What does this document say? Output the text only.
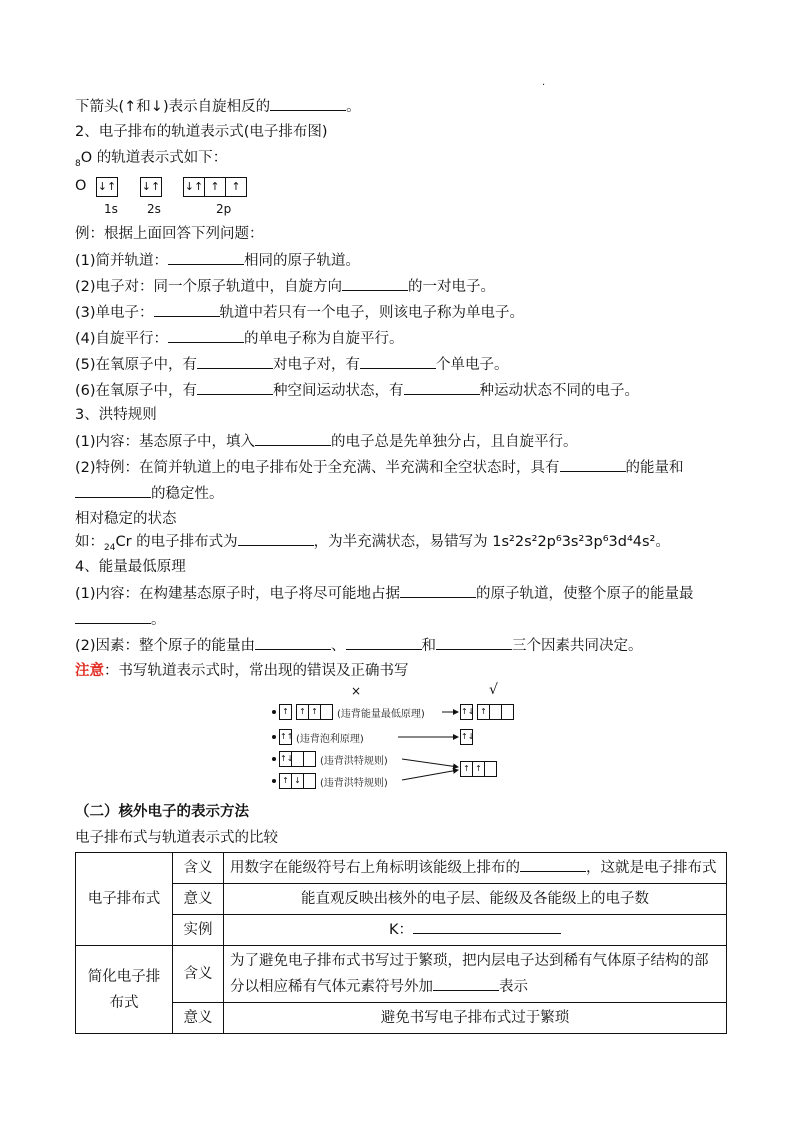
·
下箭头(↑和↓)表示自旋相反的	。
2、电子排布的轨道表示式(电子排布图)
$_8$O 的轨道表示式如下：
O ↓↑ ↓↑ ↓↑ ↑	↑
1s 2s	2p
例：根据上面回答下列问题：
(1)简并轨道：	相同的原子轨道。
(2)电子对：同一个原子轨道中，自旋方向	的一对电子。
(3)单电子：	轨道中若只有一个电子，则该电子称为单电子。
(4)自旋平行：	的单电子称为自旋平行。
(5)在氧原子中，有	对电子对，有	个单电子。
(6)在氧原子中，有	种空间运动状态，有	种运动状态不同的电子。
3、洪特规则
(1)内容：基态原子中，填入	的电子总是先单独分占，且自旋平行。
(2)特例：在简并轨道上的电子排布处于全充满、半充满和全空状态时，具有	的能量和
的稳定性。
相对稳定的状态
如：$_{24}$Cr 的电子排布式为	，为半充满状态，易错写为 1s²2s²2p⁶3s²3p⁶3d⁴4s²。
4、能量最低原理
(1)内容：在构建基态原子时，电子将尽可能地占据	的原子轨道，使整个原子的能量最
。
(2)因素：整个原子的能量由	、	和	三个因素共同决定。
注意：书写轨道表示式时，常出现的错误及正确书写
×	√
↑ ↑ ↑	(违背能量最低原理)	↑↓ ↑
↑↑ (违背泡利原理)	↑↓
↑↓	(违背洪特规则)
↑ ↓	(违背洪特规则)
↑ ↑
（二）核外电子的表示方法
电子排布式与轨道表示式的比较
电子排布式	含义	用数字在能级符号右上角标明该能级上排布的 ，这就是电子排布式
	意义	能直观反映出核外的电子层、能级及各能级上的电子数
	实例	K：
简化电子排布式	含义	为了避免电子排布式书写过于繁琐，把内层电子达到稀有气体原子结构的部分以相应稀有气体元素符号外加 表示
	意义	避免书写电子排布式过于繁琐
